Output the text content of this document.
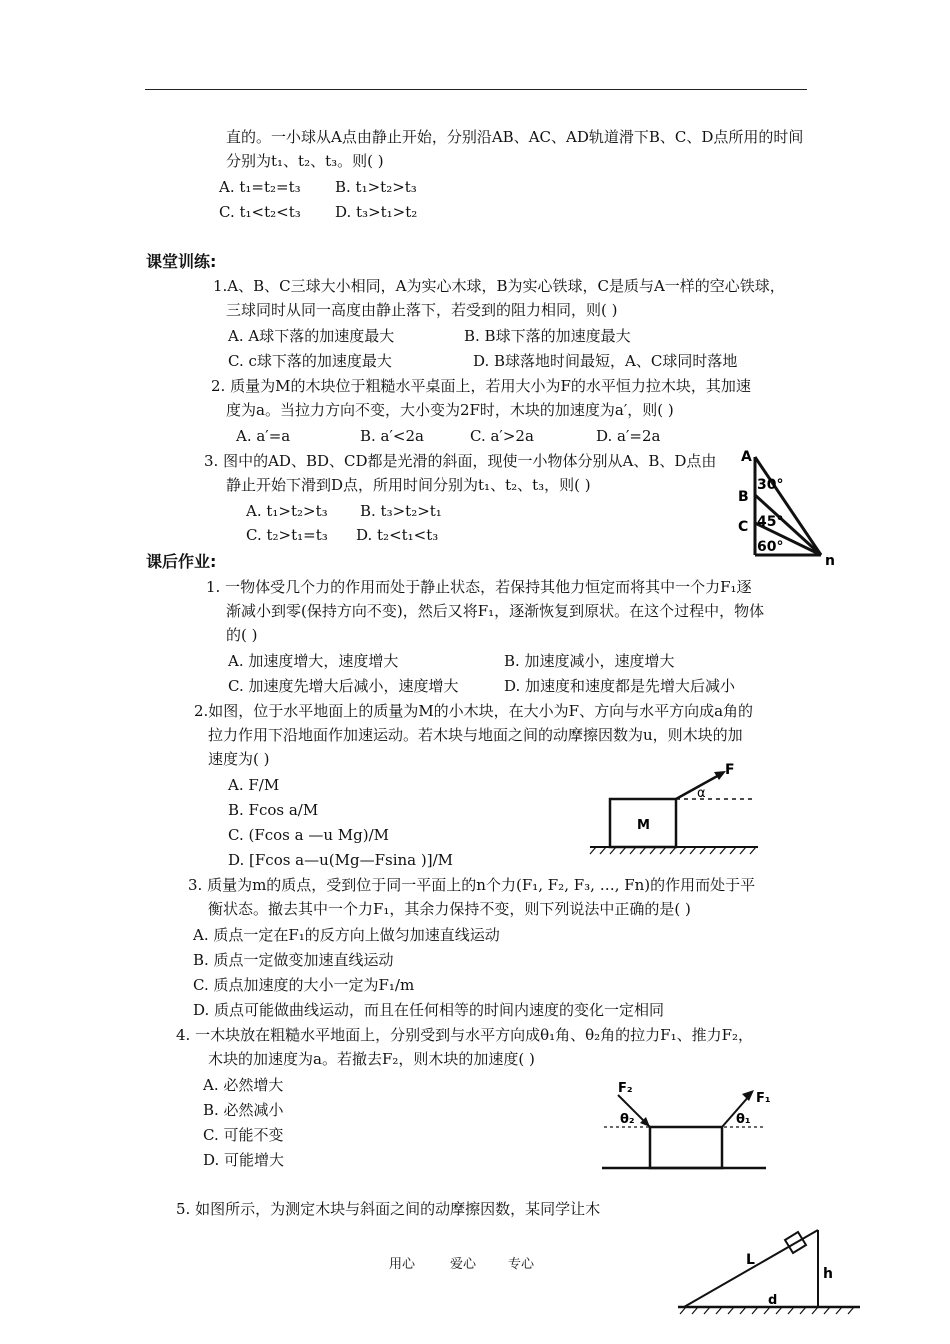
直的。一小球从A点由静止开始，分别沿AB、AC、AD轨道滑下B、C、D点所用的时间
分别为t₁、t₂、t₃。则( )
A. t₁=t₂=t₃ B. t₁>t₂>t₃
C. t₁<t₂<t₃ D. t₃>t₁>t₂
课堂训练:
1.A、B、C三球大小相同，A为实心木球，B为实心铁球，C是质与A一样的空心铁球，
三球同时从同一高度由静止落下，若受到的阻力相同，则( )
A. A球下落的加速度最大	B. B球下落的加速度最大
C. c球下落的加速度最大	D. B球落地时间最短，A、C球同时落地
2. 质量为M的木块位于粗糙水平桌面上，若用大小为F的水平恒力拉木块，其加速
度为a。当拉力方向不变，大小变为2F时，木块的加速度为a′，则( )
A. a′=a	B. a′<2a	C. a′>2a	D. a′=2a
3. 图中的AD、BD、CD都是光滑的斜面，现使一小物体分别从A、B、D点由
静止开始下滑到D点，所用时间分别为t₁、t₂、t₃，则( )
A. t₁>t₂>t₃ B. t₃>t₂>t₁
C. t₂>t₁=t₃ D. t₂<t₁<t₃
A
B
C
n
30°
45°
60°
课后作业:
1. 一物体受几个力的作用而处于静止状态，若保持其他力恒定而将其中一个力F₁逐
渐减小到零(保持方向不变)，然后又将F₁，逐渐恢复到原状。在这个过程中，物体
的( )
A. 加速度增大，速度增大	B. 加速度减小，速度增大
C. 加速度先增大后减小，速度增大	D. 加速度和速度都是先增大后减小
2.如图，位于水平地面上的质量为M的小木块，在大小为F、方向与水平方向成a角的
拉力作用下沿地面作加速运动。若木块与地面之间的动摩擦因数为u，则木块的加
速度为( )
A. F/M
B. Fcos a/M
C. (Fcos a —u Mg)/M
D. [Fcos a—u(Mg—Fsina )]/M
M
F
α
3. 质量为m的质点，受到位于同一平面上的n个力(F₁, F₂, F₃, …, Fn)的作用而处于平
衡状态。撤去其中一个力F₁，其余力保持不变，则下列说法中正确的是( )
A. 质点一定在F₁的反方向上做匀加速直线运动
B. 质点一定做变加速直线运动
C. 质点加速度的大小一定为F₁/m
D. 质点可能做曲线运动，而且在任何相等的时间内速度的变化一定相同
4. 一木块放在粗糙水平地面上，分别受到与水平方向成θ₁角、θ₂角的拉力F₁、推力F₂，
木块的加速度为a。若撤去F₂，则木块的加速度( )
A. 必然增大
B. 必然减小
C. 可能不变
D. 可能增大
F₂
F₁
θ₂	θ₁
5. 如图所示，为测定木块与斜面之间的动摩擦因数，某同学让木
L
h
d
用心	爱心 专心
